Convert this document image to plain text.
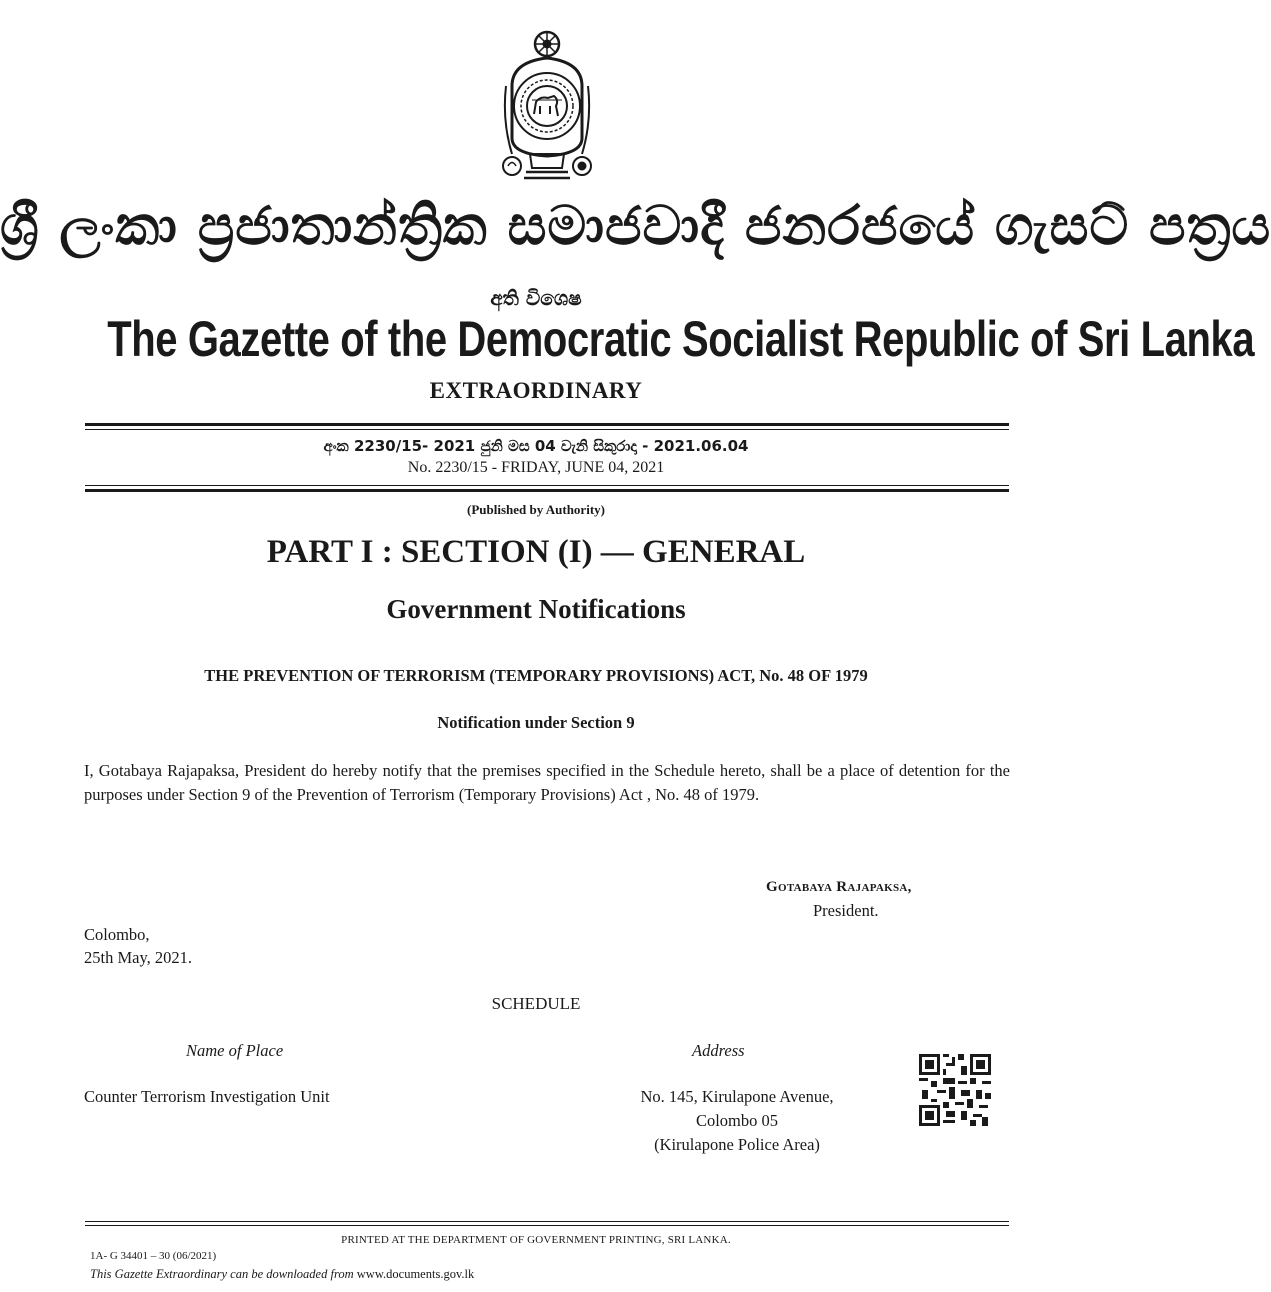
ශ්‍රී ලංකා ප්‍රජාතාන්ත්‍රික සමාජවාදී ජනරජයේ ගැසට් පත්‍රය
අති විශෙෂ
The Gazette of the Democratic Socialist Republic of Sri Lanka
EXTRAORDINARY
අංක 2230/15- 2021 ජුනි මස 04 වැනි සිකුරාදා - 2021.06.04
No. 2230/15 - FRIDAY, JUNE 04, 2021
(Published by Authority)
PART I : SECTION (I) — GENERAL
Government Notifications
THE PREVENTION OF TERRORISM (TEMPORARY PROVISIONS) ACT, No. 48 OF 1979
Notification under Section 9
I, Gotabaya Rajapaksa, President do hereby notify that the premises specified in the Schedule hereto, shall be a place of detention for the purposes under Section 9 of the Prevention of Terrorism (Temporary Provisions) Act , No. 48 of 1979.
Gotabaya Rajapaksa,
President.
Colombo,
25th May, 2021.
SCHEDULE
Name of Place	Address
Counter Terrorism Investigation Unit	No. 145, Kirulapone Avenue,
Colombo 05
(Kirulapone Police Area)
PRINTED AT THE DEPARTMENT OF GOVERNMENT PRINTING, SRI LANKA.
1A- G 34401 – 30 (06/2021)
This Gazette Extraordinary can be downloaded from www.documents.gov.lk
